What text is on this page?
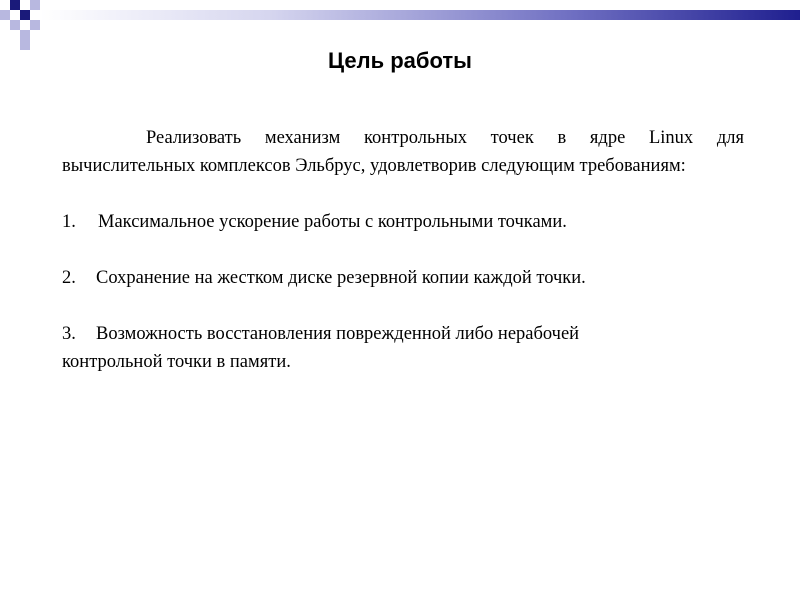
Цель работы

Реализовать механизм контрольных точек в ядре Linux для вычислительных комплексов Эльбрус, удовлетворив следующим требованиям:

1. Максимальное ускорение работы с контрольными точками.

2. Сохранение на жестком диске резервной копии каждой точки.

3. Возможность восстановления поврежденной либо нерабочей контрольной точки в памяти.
